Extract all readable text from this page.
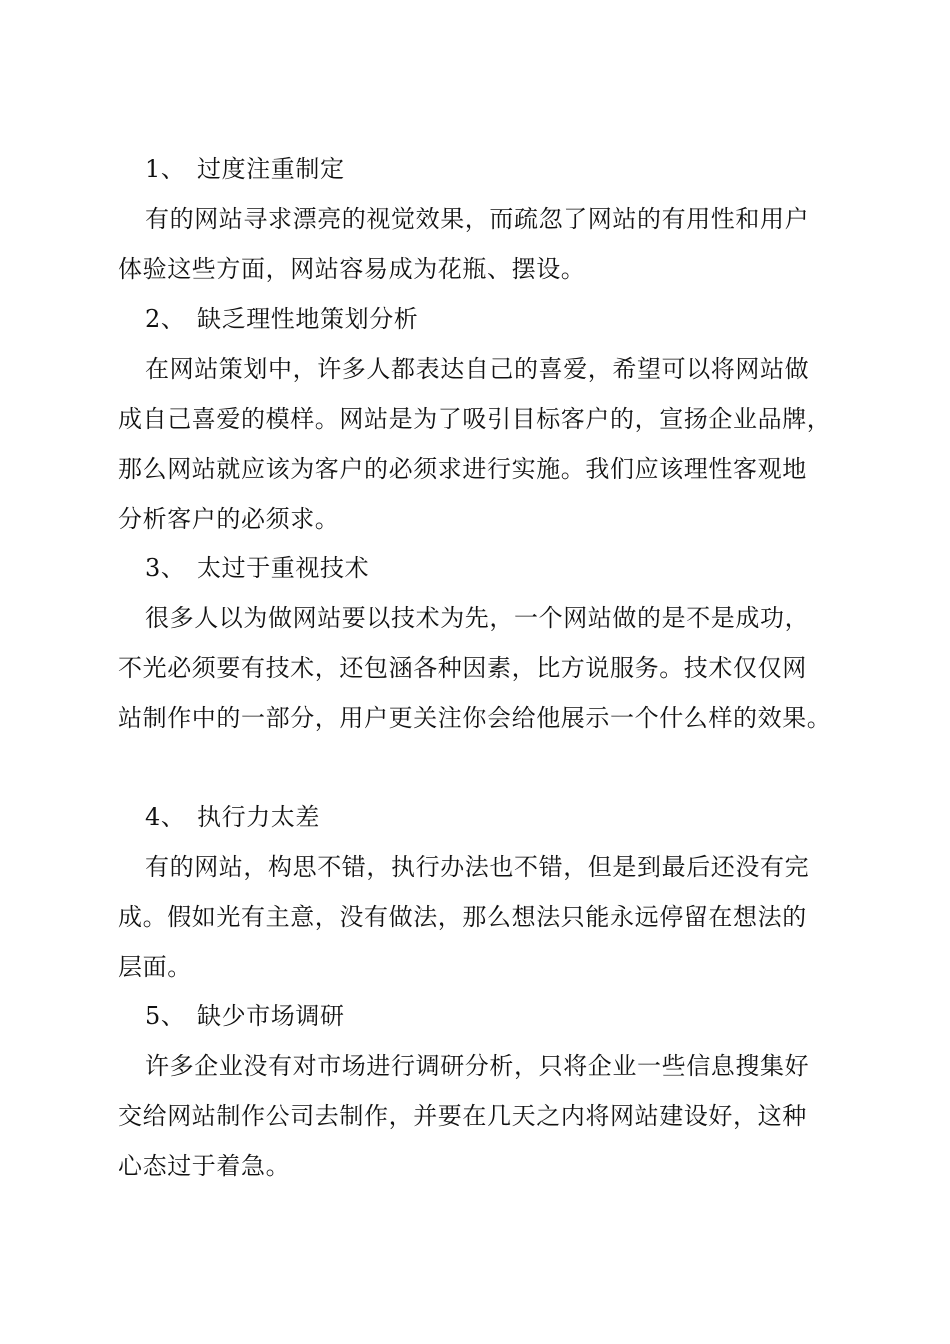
1、 过度注重制定
有的网站寻求漂亮的视觉效果，而疏忽了网站的有用性和用户
体验这些方面，网站容易成为花瓶、摆设。
2、 缺乏理性地策划分析
在网站策划中，许多人都表达自己的喜爱，希望可以将网站做
成自己喜爱的模样。网站是为了吸引目标客户的，宣扬企业品牌，
那么网站就应该为客户的必须求进行实施。我们应该理性客观地
分析客户的必须求。
3、 太过于重视技术
很多人以为做网站要以技术为先，一个网站做的是不是成功，
不光必须要有技术，还包涵各种因素，比方说服务。技术仅仅网
站制作中的一部分，用户更关注你会给他展示一个什么样的效果。
4、 执行力太差
有的网站，构思不错，执行办法也不错，但是到最后还没有完
成。假如光有主意，没有做法，那么想法只能永远停留在想法的
层面。
5、 缺少市场调研
许多企业没有对市场进行调研分析，只将企业一些信息搜集好
交给网站制作公司去制作，并要在几天之内将网站建设好，这种
心态过于着急。
